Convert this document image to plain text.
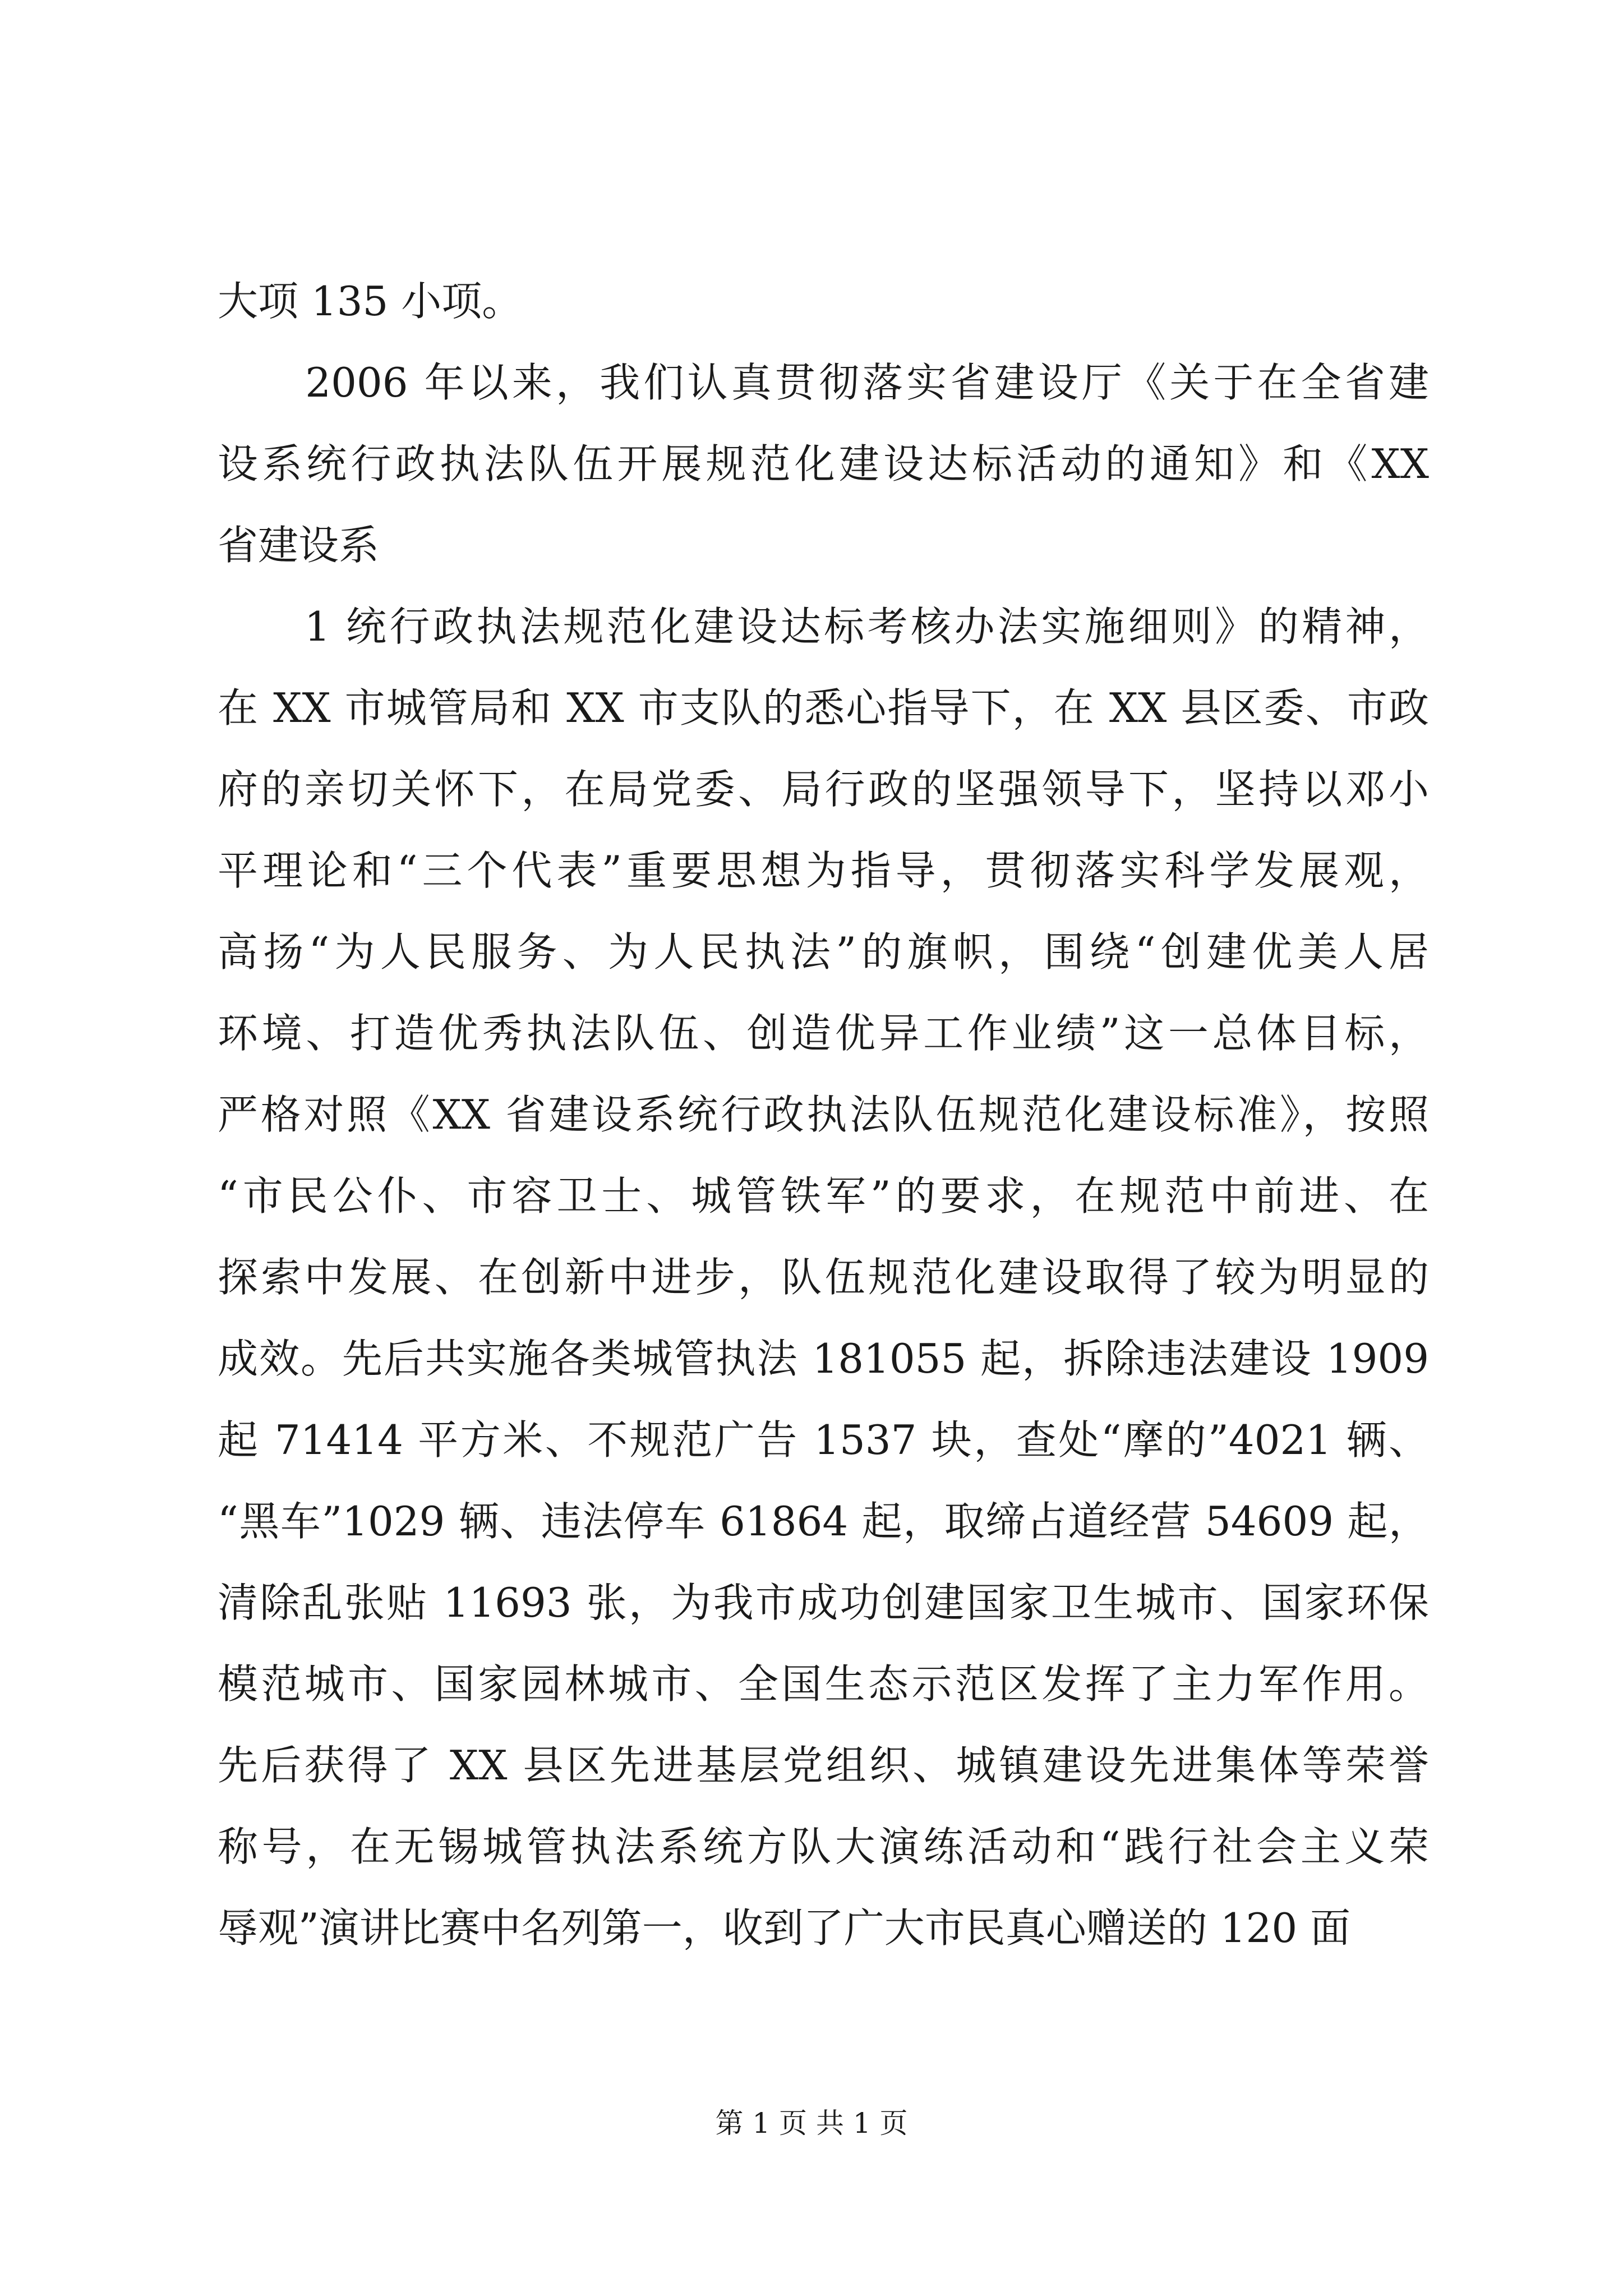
大项 135 小项。
　　2006 年以来，我们认真贯彻落实省建设厅《关于在全省建
设系统行政执法队伍开展规范化建设达标活动的通知》和《XX
省建设系
　　1 统行政执法规范化建设达标考核办法实施细则》的精神，
在 XX 市城管局和 XX 市支队的悉心指导下，在 XX 县区委、市政
府的亲切关怀下，在局党委、局行政的坚强领导下，坚持以邓小
平理论和“三个代表”重要思想为指导，贯彻落实科学发展观，
高扬“为人民服务、为人民执法”的旗帜，围绕“创建优美人居
环境、打造优秀执法队伍、创造优异工作业绩”这一总体目标，
严格对照《XX 省建设系统行政执法队伍规范化建设标准》，按照
“市民公仆、市容卫士、城管铁军”的要求，在规范中前进、在
探索中发展、在创新中进步，队伍规范化建设取得了较为明显的
成效。先后共实施各类城管执法 181055 起，拆除违法建设 1909
起 71414 平方米、不规范广告 1537 块，查处“摩的”4021 辆、
“黑车”1029 辆、违法停车 61864 起，取缔占道经营 54609 起，
清除乱张贴 11693 张，为我市成功创建国家卫生城市、国家环保
模范城市、国家园林城市、全国生态示范区发挥了主力军作用。
先后获得了 XX 县区先进基层党组织、城镇建设先进集体等荣誉
称号，在无锡城管执法系统方队大演练活动和“践行社会主义荣
辱观”演讲比赛中名列第一，收到了广大市民真心赠送的 120 面
第 1 页 共 1 页
